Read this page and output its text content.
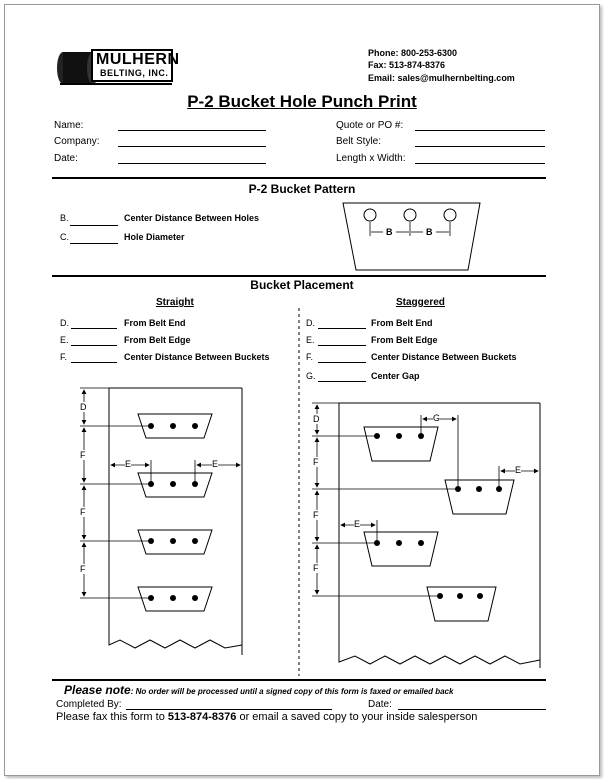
MULHERN
BELTING, INC.
Phone: 800-253-6300
Fax: 513-874-8376
Email: sales@mulhernbelting.com
P-2 Bucket Hole Punch Print
Name:
Company:
Date:
Quote or PO #:
Belt Style:
Length x Width:
P-2 Bucket Pattern
B.	Center Distance Between Holes
C.	Hole Diameter	B	B
Bucket Placement
Straight	Staggered
D.	From Belt End
E.	From Belt Edge
F.	Center Distance Between Buckets
D.	From Belt End
E.	From Belt Edge
F.	Center Distance Between Buckets
G.	Center Gap
D
F
F
F
E	E
D
F
F
F
G
E
E
Please note: No order will be processed until a signed copy of this form is faxed or emailed back
Completed By:	Date:
Please fax this form to 513-874-8376 or email a saved copy to your inside salesperson
